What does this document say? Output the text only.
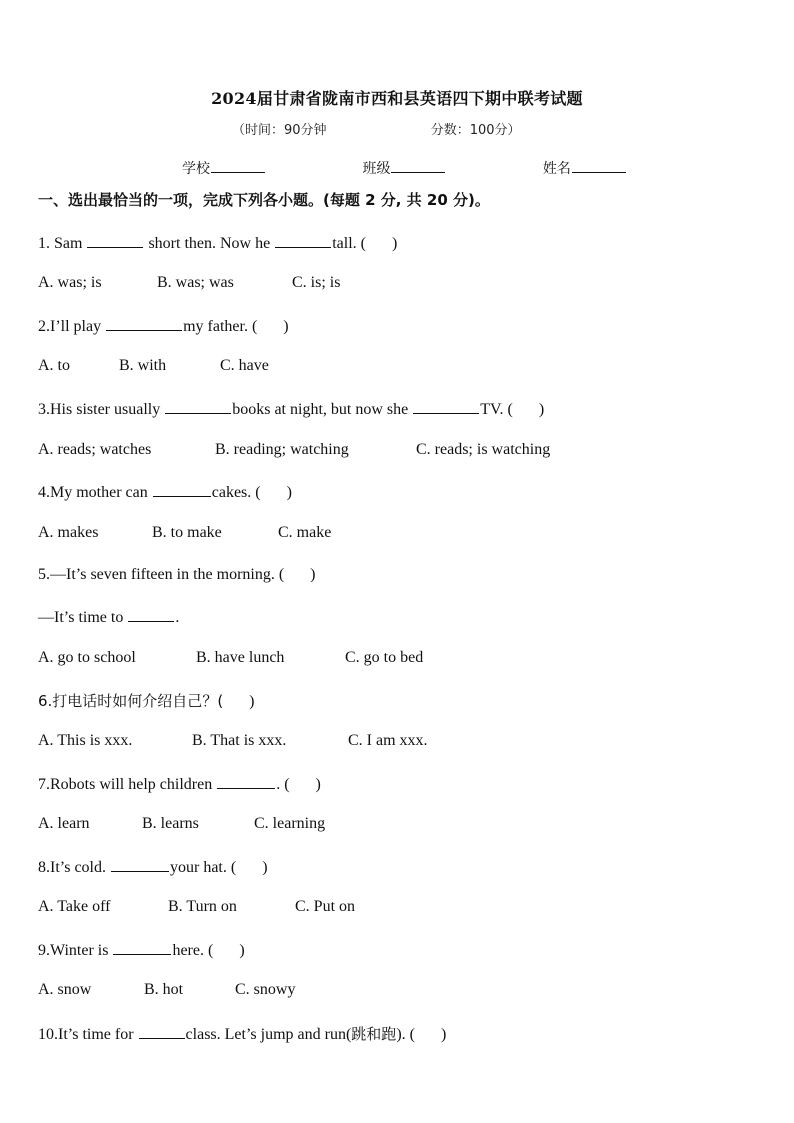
2024届甘肃省陇南市西和县英语四下期中联考试题
（时间：90分钟	分数：100分）
学校	班级	姓名
一、选出最恰当的一项，完成下列各小题。(每题 2 分, 共 20 分)。
1. Sam	short then. Now he	tall. ( )
A. was; is	B. was; was	C. is; is
2.I’ll play	my father. ( )
A. to	B. with	C. have
3.His sister usually	books at night, but now she	TV. ( )
A. reads; watches	B. reading; watching	C. reads; is watching
4.My mother can	cakes. ( )
A. makes	B. to make	C. make
5.—It’s seven fifteen in the morning. ( )
—It’s time to	.
A. go to school	B. have lunch	C. go to bed
6.打电话时如何介绍自己？( )
A. This is xxx.	B. That is xxx.	C. I am xxx.
7.Robots will help children	. ( )
A. learn	B. learns	C. learning
8.It’s cold.	your hat. ( )
A. Take off	B. Turn on	C. Put on
9.Winter is	here. ( )
A. snow	B. hot	C. snowy
10.It’s time for	class. Let’s jump and run(跳和跑). ( )
